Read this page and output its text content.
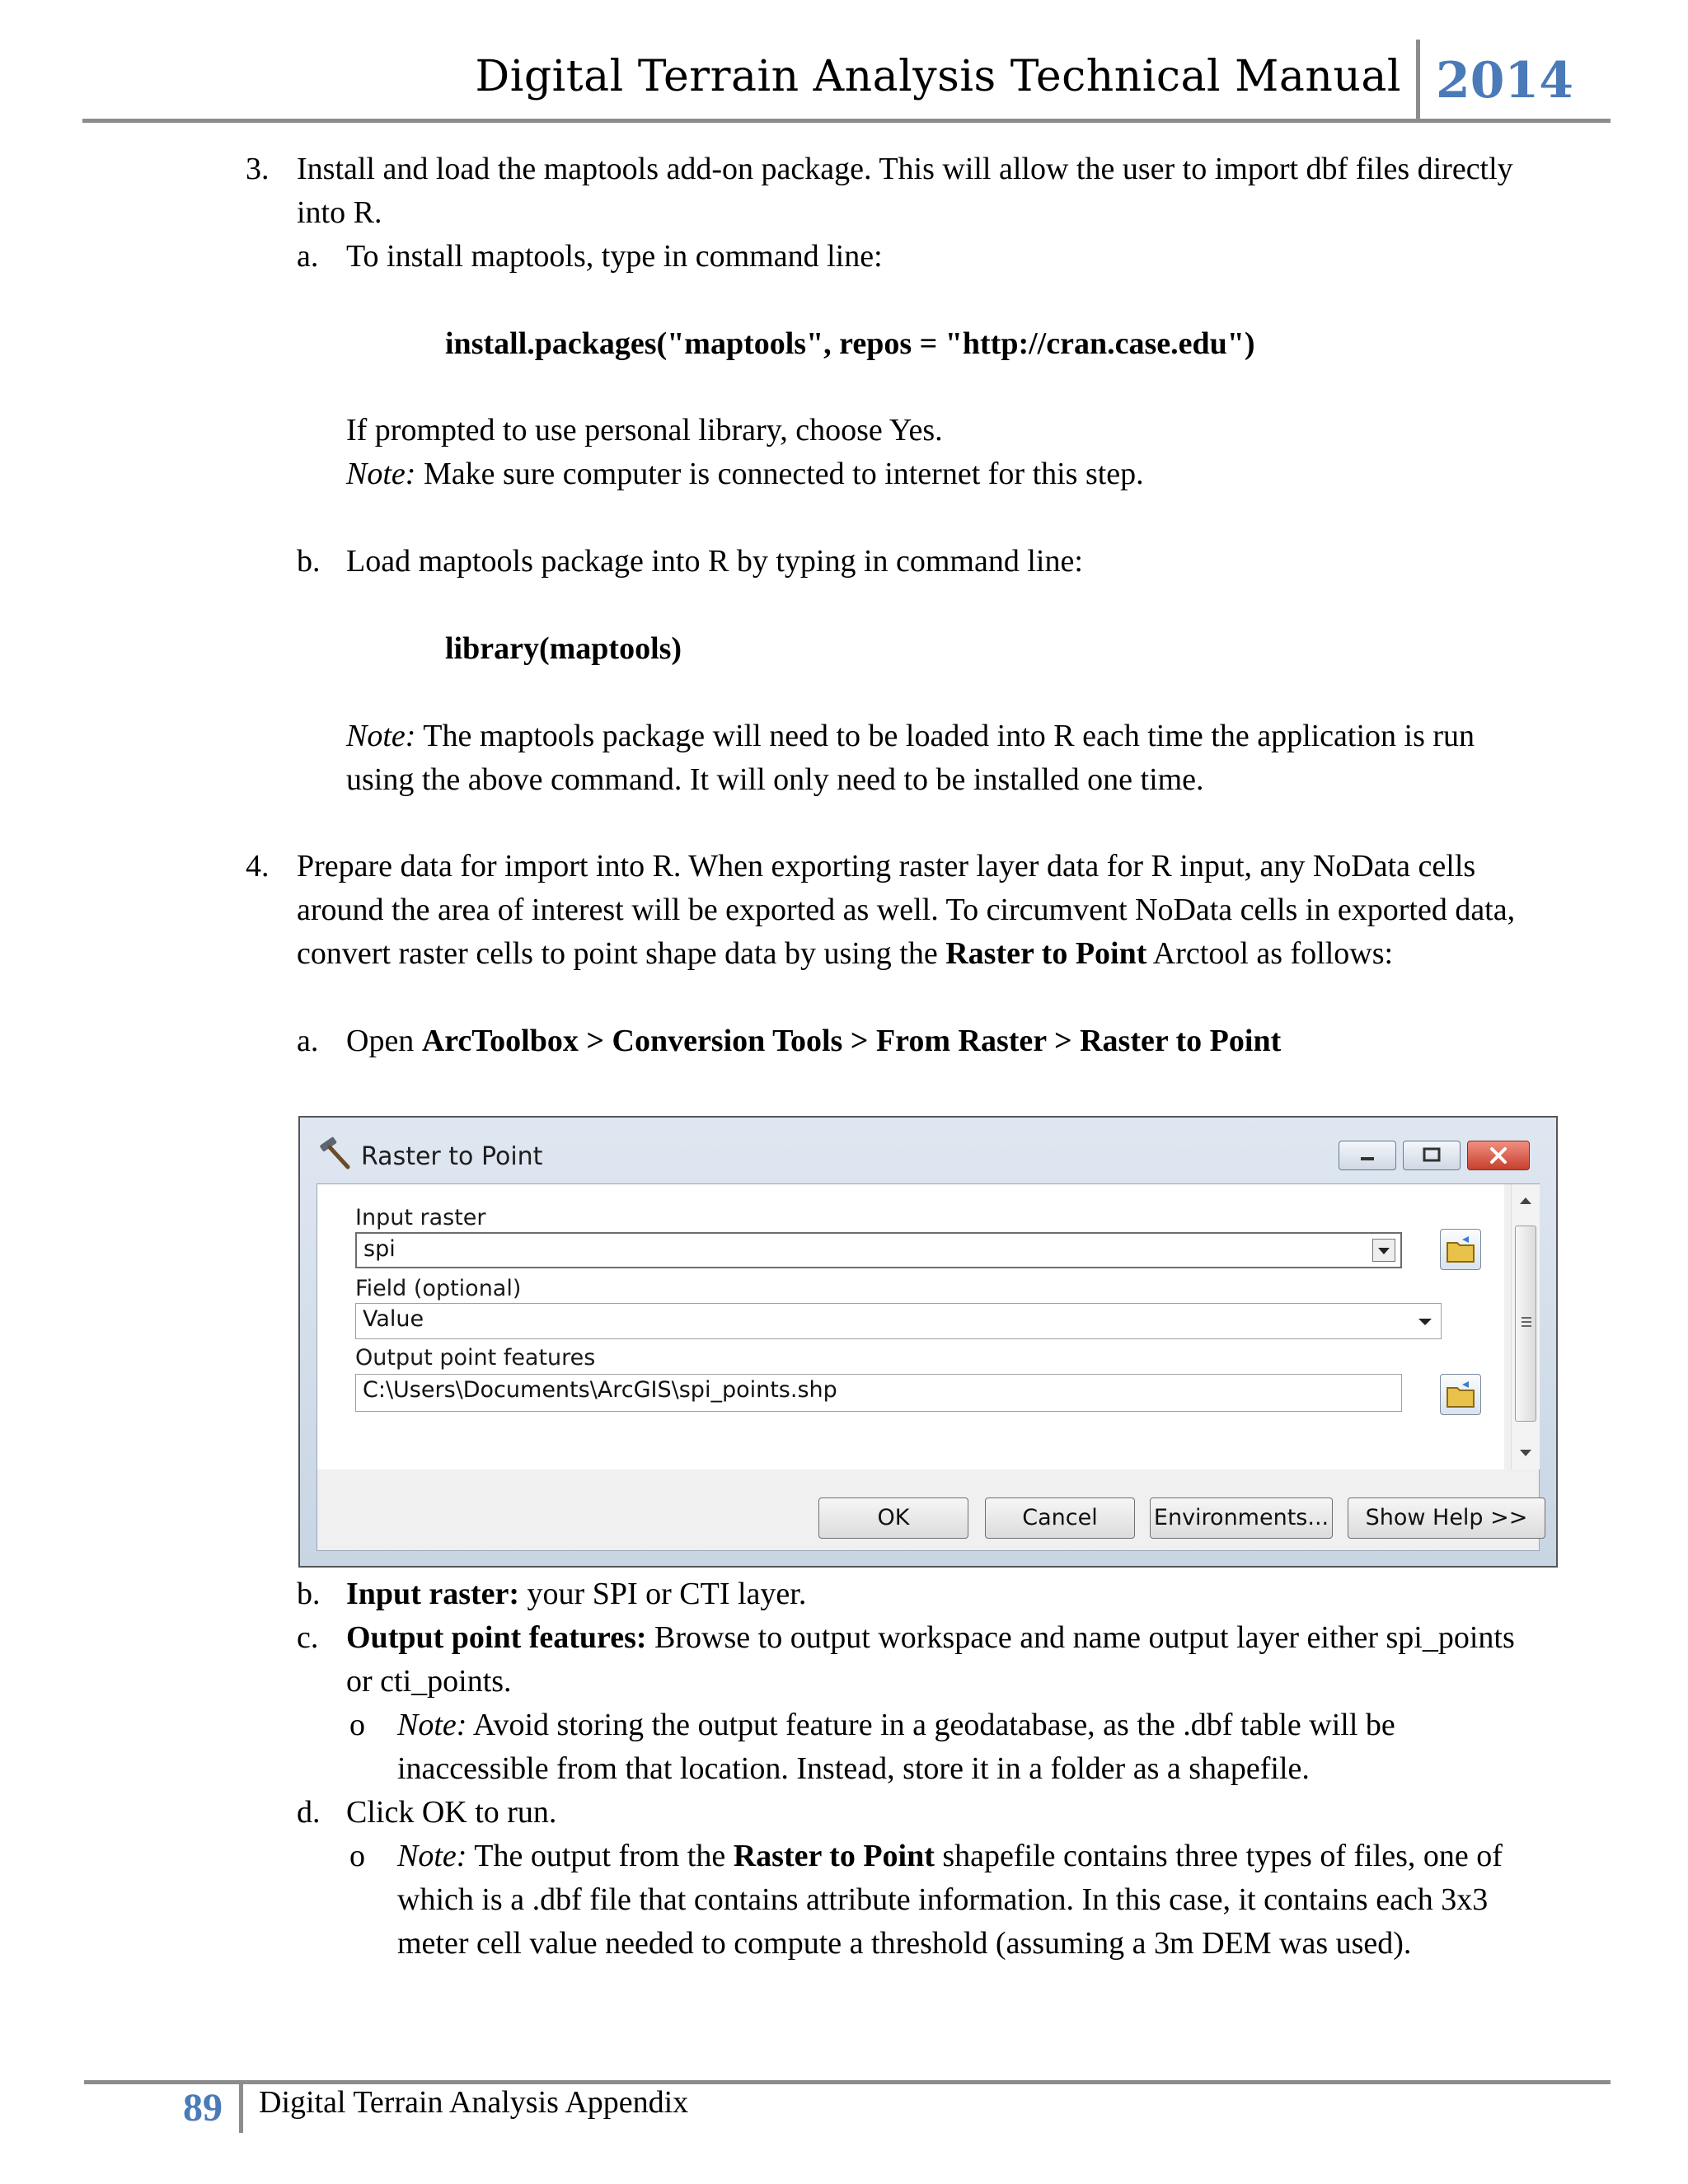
Digital Terrain Analysis Technical Manual 2014
3. Install and load the maptools add-on package. This will allow the user to import dbf files directly
into R.
a. To install maptools, type in command line:
install.packages("maptools", repos = "http://cran.case.edu")
If prompted to use personal library, choose Yes.
Note: Make sure computer is connected to internet for this step.
b. Load maptools package into R by typing in command line:
library(maptools)
Note: The maptools package will need to be loaded into R each time the application is run
using the above command. It will only need to be installed one time.
4. Prepare data for import into R. When exporting raster layer data for R input, any NoData cells
around the area of interest will be exported as well. To circumvent NoData cells in exported data,
convert raster cells to point shape data by using the Raster to Point Arctool as follows:
a. Open ArcToolbox > Conversion Tools > From Raster > Raster to Point
Raster to Point
Input raster
spi
Field (optional)
Value
Output point features
C:\Users\Documents\ArcGIS\spi_points.shp
OK	Cancel	Environments...	Show Help >>
b. Input raster: your SPI or CTI layer.
c. Output point features: Browse to output workspace and name output layer either spi_points
or cti_points.
o Note: Avoid storing the output feature in a geodatabase, as the .dbf table will be
inaccessible from that location. Instead, store it in a folder as a shapefile.
d. Click OK to run.
o Note: The output from the Raster to Point shapefile contains three types of files, one of
which is a .dbf file that contains attribute information. In this case, it contains each 3x3
meter cell value needed to compute a threshold (assuming a 3m DEM was used).
89 Digital Terrain Analysis Appendix
